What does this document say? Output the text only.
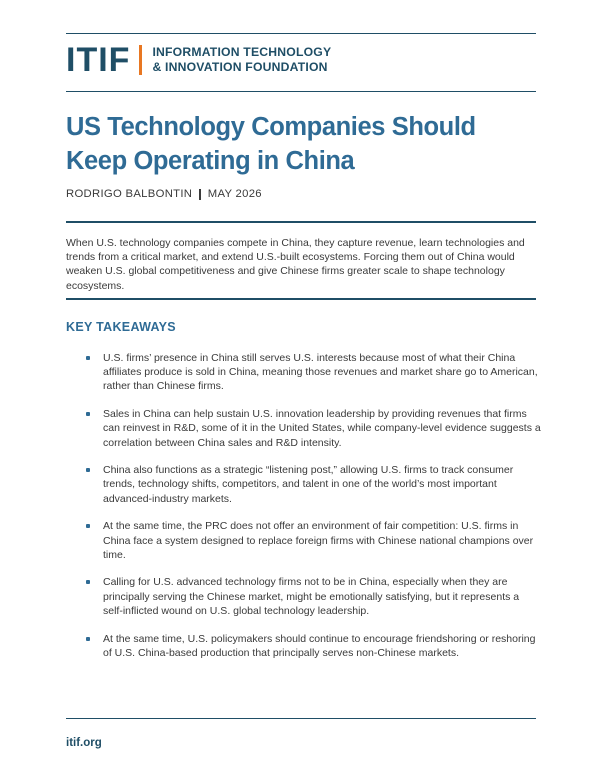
ITIF INFORMATION TECHNOLOGY
& INNOVATION FOUNDATION
US Technology Companies Should Keep Operating in China
RODRIGO BALBONTIN MAY 2026

When U.S. technology companies compete in China, they capture revenue, learn technologies and trends from a critical market, and extend U.S.-built ecosystems. Forcing them out of China would weaken U.S. global competitiveness and give Chinese firms greater scale to shape technology ecosystems.

KEY TAKEAWAYS
U.S. firms’ presence in China still serves U.S. interests because most of what their China affiliates produce is sold in China, meaning those revenues and market share go to American, rather than Chinese firms.
Sales in China can help sustain U.S. innovation leadership by providing revenues that firms can reinvest in R&D, some of it in the United States, while company-level evidence suggests a correlation between China sales and R&D intensity.
China also functions as a strategic “listening post,” allowing U.S. firms to track consumer trends, technology shifts, competitors, and talent in one of the world’s most important advanced-industry markets.
At the same time, the PRC does not offer an environment of fair competition: U.S. firms in China face a system designed to replace foreign firms with Chinese national champions over time.
Calling for U.S. advanced technology firms not to be in China, especially when they are principally serving the Chinese market, might be emotionally satisfying, but it represents a self-inflicted wound on U.S. global technology leadership.
At the same time, U.S. policymakers should continue to encourage friendshoring or reshoring of U.S. China-based production that principally serves non-Chinese markets.
itif.org
